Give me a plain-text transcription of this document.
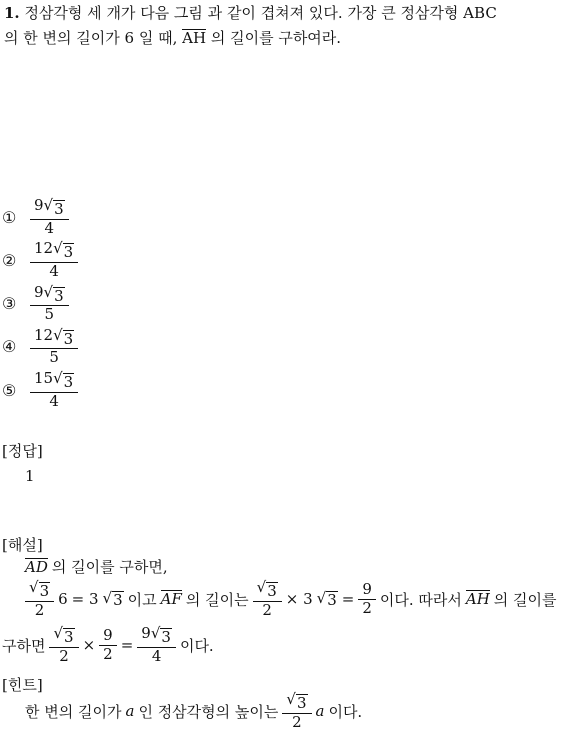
1. 정삼각형 세 개가 다음 그림 과 같이 겹쳐져 있다. 가장 큰 정삼각형 ABC
의 한 변의 길이가 6 일 때, AH 의 길이를 구하여라.
① $\frac{9 √ 3}{4}$
② $\frac{12 √ 3}{4}$
③ $\frac{9 √ 3}{5}$
④ $\frac{12 √ 3}{5}$
⑤ $\frac{15 √ 3}{4}$
[정답]
1
[해설]
AD 의 길이를 구하면,
$\frac{√ 3}{2} 6 = 3$ √ 3 이고 AF 의 길이는 $\frac{√ 3}{2} \times 3$ √ $3 = \frac{9}{2}$ 이다. 따라서 AH 의 길이를
구하면 $\frac{√ 3}{2} \times \frac{9}{2} = \frac{9 √ 3}{4}$ 이다.
[힌트]
한 변의 길이가 a 인 정삼각형의 높이는 $\frac{√ 3}{2}$ a 이다.
